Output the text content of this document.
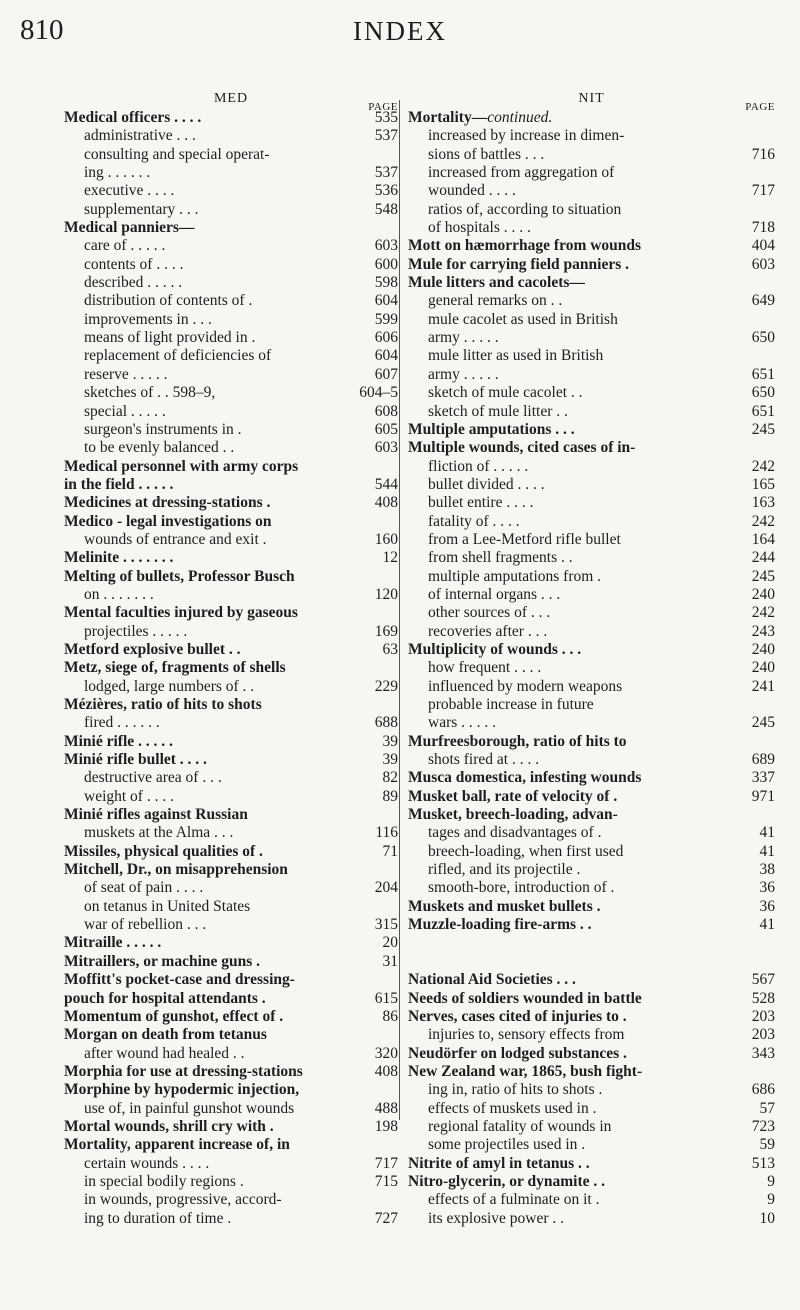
810	INDEX
MED
PAGE
Medical officers . . . .	535
administrative . . .	537
consulting and special operat-
ing . . . . . .	537
executive . . . .	536
supplementary . . .	548
Medical panniers—
care of . . . . .	603
contents of . . . .	600
described . . . . .	598
distribution of contents of .	604
improvements in . . .	599
means of light provided in .	606
replacement of deficiencies of	604
reserve . . . . .	607
sketches of . . 598–9,	604–5
special . . . . .	608
surgeon's instruments in .	605
to be evenly balanced . .	603
Medical personnel with army corps
in the field . . . . .	544
Medicines at dressing-stations .	408
Medico - legal investigations on
wounds of entrance and exit .	160
Melinite . . . . . . .	12
Melting of bullets, Professor Busch
on . . . . . . .	120
Mental faculties injured by gaseous
projectiles . . . . .	169
Metford explosive bullet . .	63
Metz, siege of, fragments of shells
lodged, large numbers of . .	229
Mézières, ratio of hits to shots
fired . . . . . .	688
Minié rifle . . . . .	39
Minié rifle bullet . . . .	39
destructive area of . . .	82
weight of . . . .	89
Minié rifles against Russian
muskets at the Alma . . .	116
Missiles, physical qualities of .	71
Mitchell, Dr., on misapprehension
of seat of pain . . . .	204
on tetanus in United States
war of rebellion . . .	315
Mitraille . . . . .	20
Mitraillers, or machine guns .	31
Moffitt's pocket-case and dressing-
pouch for hospital attendants .	615
Momentum of gunshot, effect of .	86
Morgan on death from tetanus
after wound had healed . .	320
Morphia for use at dressing-stations	408
Morphine by hypodermic injection,
use of, in painful gunshot wounds	488
Mortal wounds, shrill cry with .	198
Mortality, apparent increase of, in
certain wounds . . . .	717
in special bodily regions .	715
in wounds, progressive, accord-
ing to duration of time .	727
NIT
PAGE
Mortality—continued.
increased by increase in dimen-
sions of battles . . .	716
increased from aggregation of
wounded . . . .	717
ratios of, according to situation
of hospitals . . . .	718
Mott on hæmorrhage from wounds	404
Mule for carrying field panniers .	603
Mule litters and cacolets—
general remarks on . .	649
mule cacolet as used in British
army . . . . .	650
mule litter as used in British
army . . . . .	651
sketch of mule cacolet . .	650
sketch of mule litter . .	651
Multiple amputations . . .	245
Multiple wounds, cited cases of in-
fliction of . . . . .	242
bullet divided . . . .	165
bullet entire . . . .	163
fatality of . . . .	242
from a Lee-Metford rifle bullet	164
from shell fragments . .	244
multiple amputations from .	245
of internal organs . . .	240
other sources of . . .	242
recoveries after . . .	243
Multiplicity of wounds . . .	240
how frequent . . . .	240
influenced by modern weapons	241
probable increase in future
wars . . . . .	245
Murfreesborough, ratio of hits to
shots fired at . . . .	689
Musca domestica, infesting wounds	337
Musket ball, rate of velocity of .	971
Musket, breech-loading, advan-
tages and disadvantages of .	41
breech-loading, when first used	41
rifled, and its projectile .	38
smooth-bore, introduction of .	36
Muskets and musket bullets .	36
Muzzle-loading fire-arms . .	41
National Aid Societies . . .	567
Needs of soldiers wounded in battle	528
Nerves, cases cited of injuries to .	203
injuries to, sensory effects from	203
Neudörfer on lodged substances .	343
New Zealand war, 1865, bush fight-
ing in, ratio of hits to shots .	686
effects of muskets used in .	57
regional fatality of wounds in	723
some projectiles used in .	59
Nitrite of amyl in tetanus . .	513
Nitro-glycerin, or dynamite . .	9
effects of a fulminate on it .	9
its explosive power . .	10
